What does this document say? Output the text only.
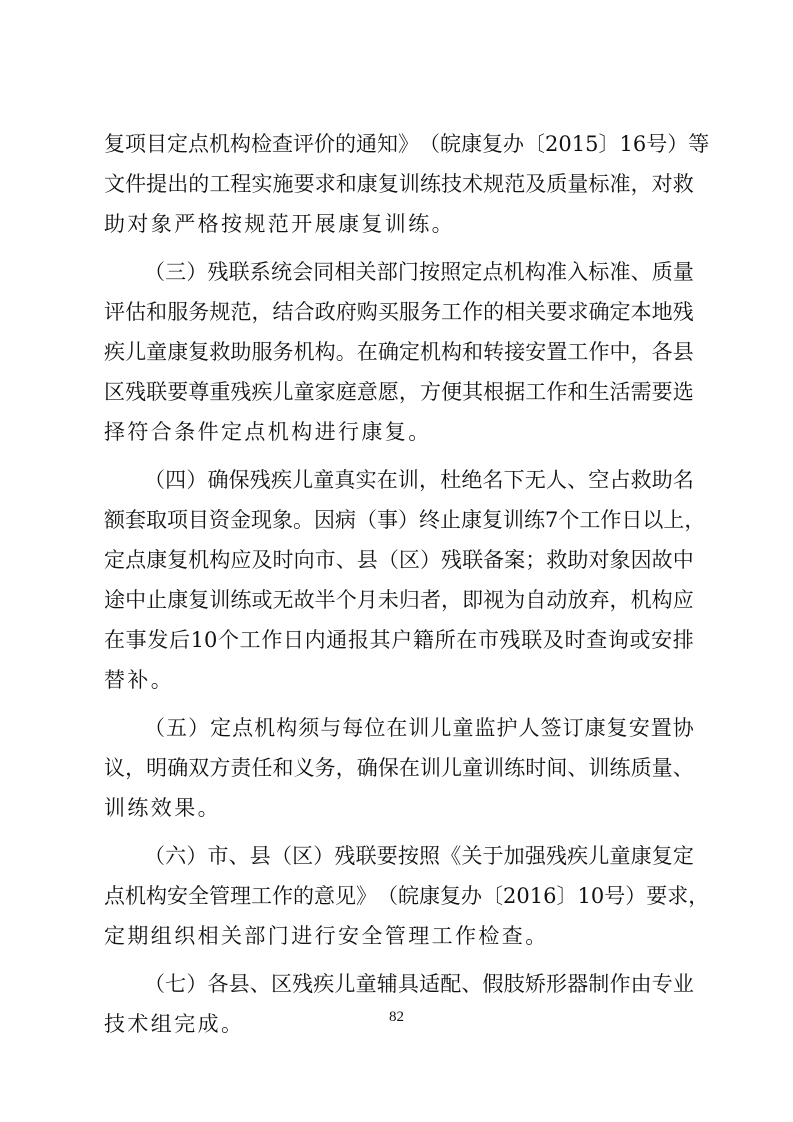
复 项 目 定 点 机 构 检 查 评 价 的 通 知 》 （ 皖 康 复 办 〔 2015 〕 16 号 ） 等
文 件 提 出 的 工 程 实 施 要 求 和 康 复 训 练 技 术 规 范 及 质 量 标 准 ， 对 救
助对象严格按规范开展康复训练。
（ 三 ） 残 联 系 统 会 同 相 关 部 门 按 照 定 点 机 构 准 入 标 准 、 质 量
评 估 和 服 务 规 范 ， 结 合 政 府 购 买 服 务 工 作 的 相 关 要 求 确 定 本 地 残
疾 儿 童 康 复 救 助 服 务 机 构 。 在 确 定 机 构 和 转 接 安 置 工 作 中 ， 各 县
区 残 联 要 尊 重 残 疾 儿 童 家 庭 意 愿 ， 方 便 其 根 据 工 作 和 生 活 需 要 选
择符合条件定点机构进行康复。
（ 四 ） 确 保 残 疾 儿 童 真 实 在 训 ， 杜 绝 名 下 无 人 、 空 占 救 助 名
额 套 取 项 目 资 金 现 象 。 因 病 （ 事 ） 终 止 康 复 训 练 7 个 工 作 日 以 上 ，
定 点 康 复 机 构 应 及 时 向 市 、 县 （ 区 ） 残 联 备 案 ； 救 助 对 象 因 故 中
途 中 止 康 复 训 练 或 无 故 半 个 月 未 归 者 ， 即 视 为 自 动 放 弃 ， 机 构 应
在 事 发 后 10 个 工 作 日 内 通 报 其 户 籍 所 在 市 残 联 及 时 查 询 或 安 排
替补。
（ 五 ） 定 点 机 构 须 与 每 位 在 训 儿 童 监 护 人 签 订 康 复 安 置 协
议 ， 明 确 双 方 责 任 和 义 务 ， 确 保 在 训 儿 童 训 练 时 间 、 训 练 质 量 、
训练效果。
（ 六 ） 市 、 县 （ 区 ） 残 联 要 按 照 《 关 于 加 强 残 疾 儿 童 康 复 定
点 机 构 安 全 管 理 工 作 的 意 见 》 （ 皖 康 复 办 〔 2016 〕 10 号 ） 要 求 ，
定期组织相关部门进行安全管理工作检查。
（ 七 ） 各 县 、 区 残 疾 儿 童 辅 具 适 配 、 假 肢 矫 形 器 制 作 由 专 业
技术组完成。	82
